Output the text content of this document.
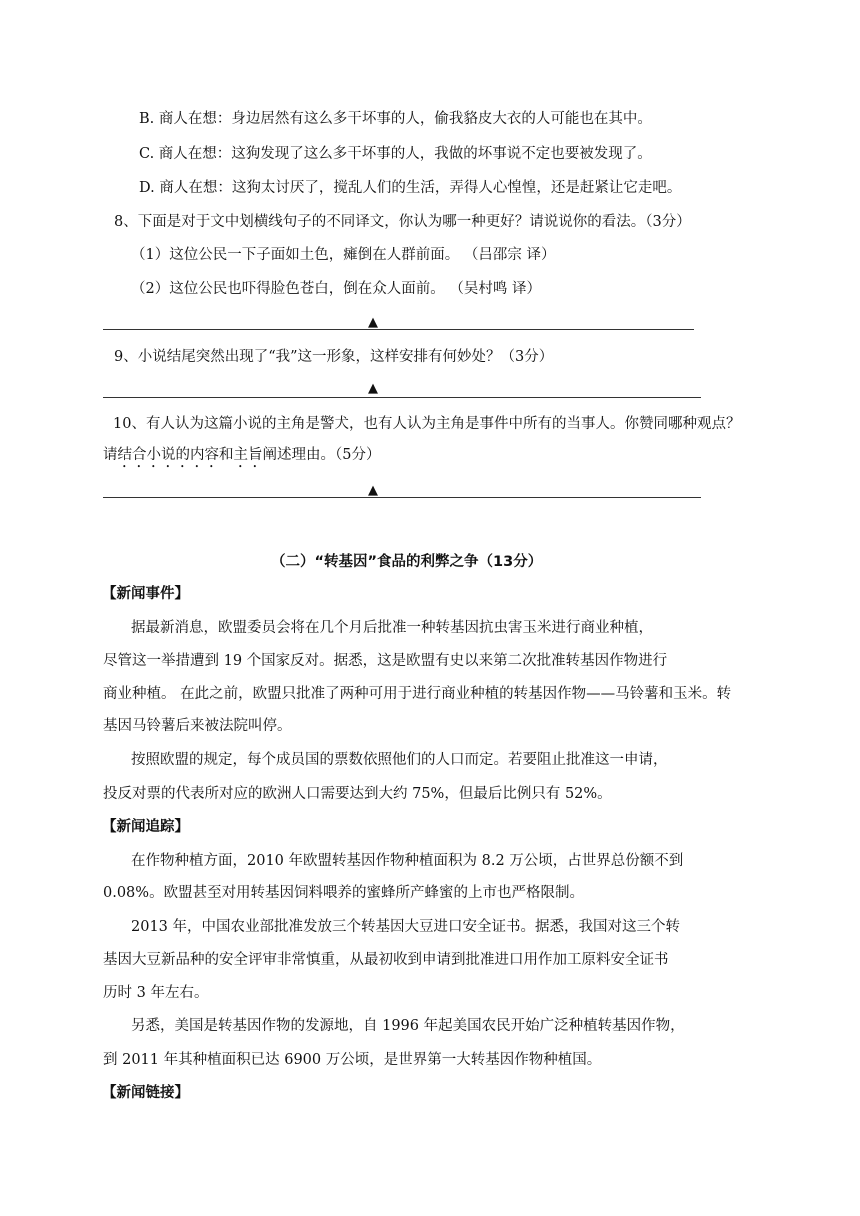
B. 商人在想：身边居然有这么多干坏事的人，偷我貉皮大衣的人可能也在其中。
C. 商人在想：这狗发现了这么多干坏事的人，我做的坏事说不定也要被发现了。
D. 商人在想：这狗太讨厌了，搅乱人们的生活，弄得人心惶惶，还是赶紧让它走吧。
8、下面是对于文中划横线句子的不同译文，你认为哪一种更好？请说说你的看法。（3分）
（1）这位公民一下子面如土色，瘫倒在人群前面。 （吕邵宗 译）
（2）这位公民也吓得脸色苍白，倒在众人面前。 （吴村鸣 译）
▲
9、小说结尾突然出现了“我”这一形象，这样安排有何妙处？（3分）
▲
10、有人认为这篇小说的主角是警犬，也有人认为主角是事件中所有的当事人。你赞同哪种观点？
请结合小说的内容和主旨阐述理由。（5分）
▲
（二）“转基因”食品的利弊之争（13分）
【新闻事件】
据最新消息，欧盟委员会将在几个月后批准一种转基因抗虫害玉米进行商业种植，
尽管这一举措遭到 19 个国家反对。据悉，这是欧盟有史以来第二次批准转基因作物进行
商业种植。 在此之前，欧盟只批准了两种可用于进行商业种植的转基因作物——马铃薯和玉米。转
基因马铃薯后来被法院叫停。
按照欧盟的规定，每个成员国的票数依照他们的人口而定。若要阻止批准这一申请，
投反对票的代表所对应的欧洲人口需要达到大约 75%，但最后比例只有 52%。
【新闻追踪】
在作物种植方面，2010 年欧盟转基因作物种植面积为 8.2 万公顷，占世界总份额不到
0.08%。欧盟甚至对用转基因饲料喂养的蜜蜂所产蜂蜜的上市也严格限制。
2013 年，中国农业部批准发放三个转基因大豆进口安全证书。据悉，我国对这三个转
基因大豆新品种的安全评审非常慎重，从最初收到申请到批准进口用作加工原料安全证书
历时 3 年左右。
另悉，美国是转基因作物的发源地，自 1996 年起美国农民开始广泛种植转基因作物，
到 2011 年其种植面积已达 6900 万公顷，是世界第一大转基因作物种植国。
【新闻链接】
